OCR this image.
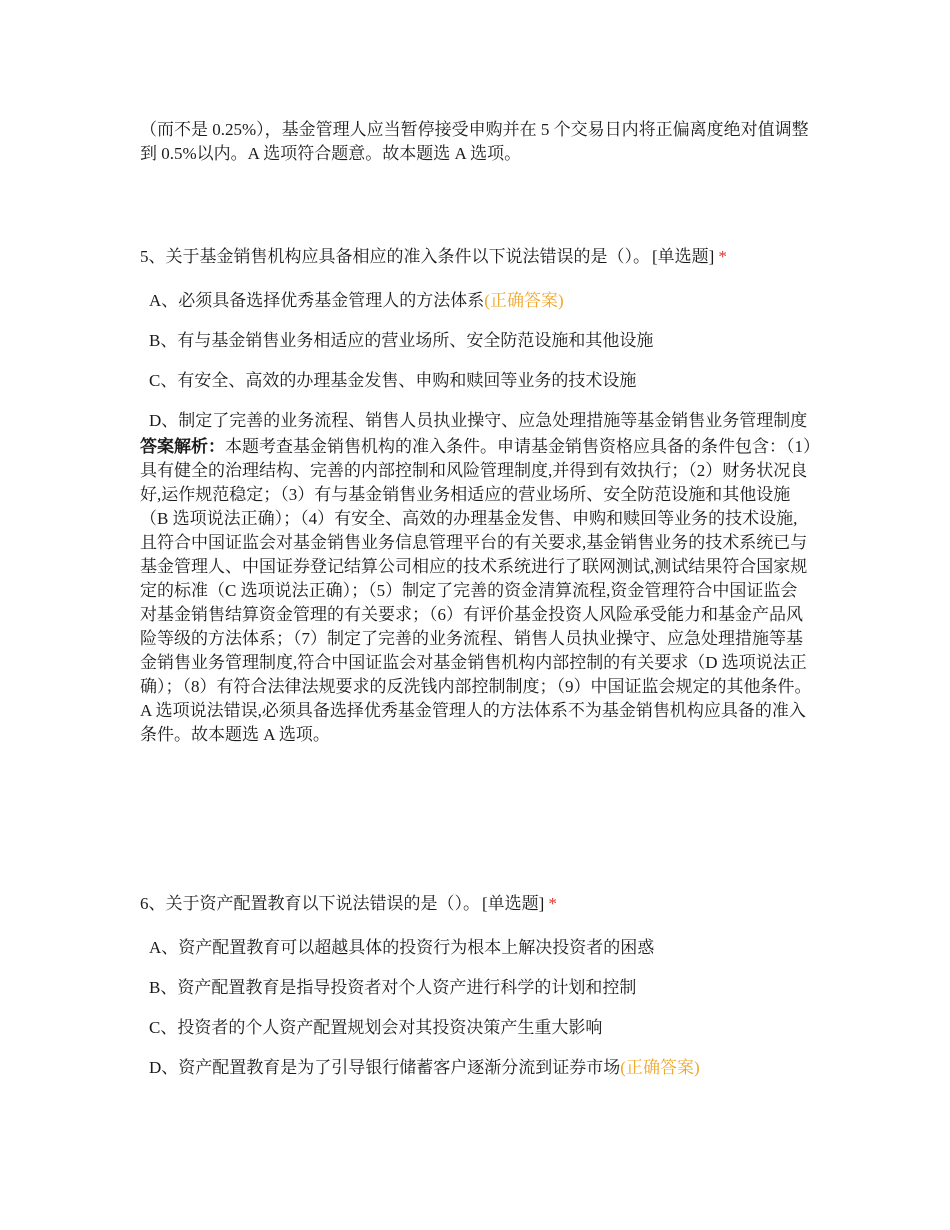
（而不是 0.25%），基金管理人应当暂停接受申购并在 5 个交易日内将正偏离度绝对值调整到 0.5%以内。A 选项符合题意。故本题选 A 选项。

5、关于基金销售机构应具备相应的准入条件以下说法错误的是（）。 [单选题] *

A、 必须具备选择优秀基金管理人的方法体系(正确答案)
B、 有与基金销售业务相适应的营业场所、安全防范设施和其他设施
C、 有安全、高效的办理基金发售、申购和赎回等业务的技术设施
D、 制定了完善的业务流程、销售人员执业操守、应急处理措施等基金销售业务管理制度

答案解析：本题考查基金销售机构的准入条件。申请基金销售资格应具备的条件包含：（1）具有健全的治理结构、完善的内部控制和风险管理制度,并得到有效执行；（2）财务状况良好,运作规范稳定；（3）有与基金销售业务相适应的营业场所、安全防范设施和其他设施（B 选项说法正确）；（4）有安全、高效的办理基金发售、申购和赎回等业务的技术设施,且符合中国证监会对基金销售业务信息管理平台的有关要求,基金销售业务的技术系统已与基金管理人、中国证券登记结算公司相应的技术系统进行了联网测试,测试结果符合国家规定的标准（C 选项说法正确）；（5）制定了完善的资金清算流程,资金管理符合中国证监会对基金销售结算资金管理的有关要求；（6）有评价基金投资人风险承受能力和基金产品风险等级的方法体系；（7）制定了完善的业务流程、销售人员执业操守、应急处理措施等基金销售业务管理制度,符合中国证监会对基金销售机构内部控制的有关要求（D 选项说法正确）；（8）有符合法律法规要求的反洗钱内部控制制度；（9）中国证监会规定的其他条件。A 选项说法错误,必须具备选择优秀基金管理人的方法体系不为基金销售机构应具备的准入条件。故本题选 A 选项。

6、关于资产配置教育以下说法错误的是（）。 [单选题] *

A、 资产配置教育可以超越具体的投资行为根本上解决投资者的困惑
B、 资产配置教育是指导投资者对个人资产进行科学的计划和控制
C、 投资者的个人资产配置规划会对其投资决策产生重大影响
D、 资产配置教育是为了引导银行储蓄客户逐渐分流到证券市场(正确答案)
